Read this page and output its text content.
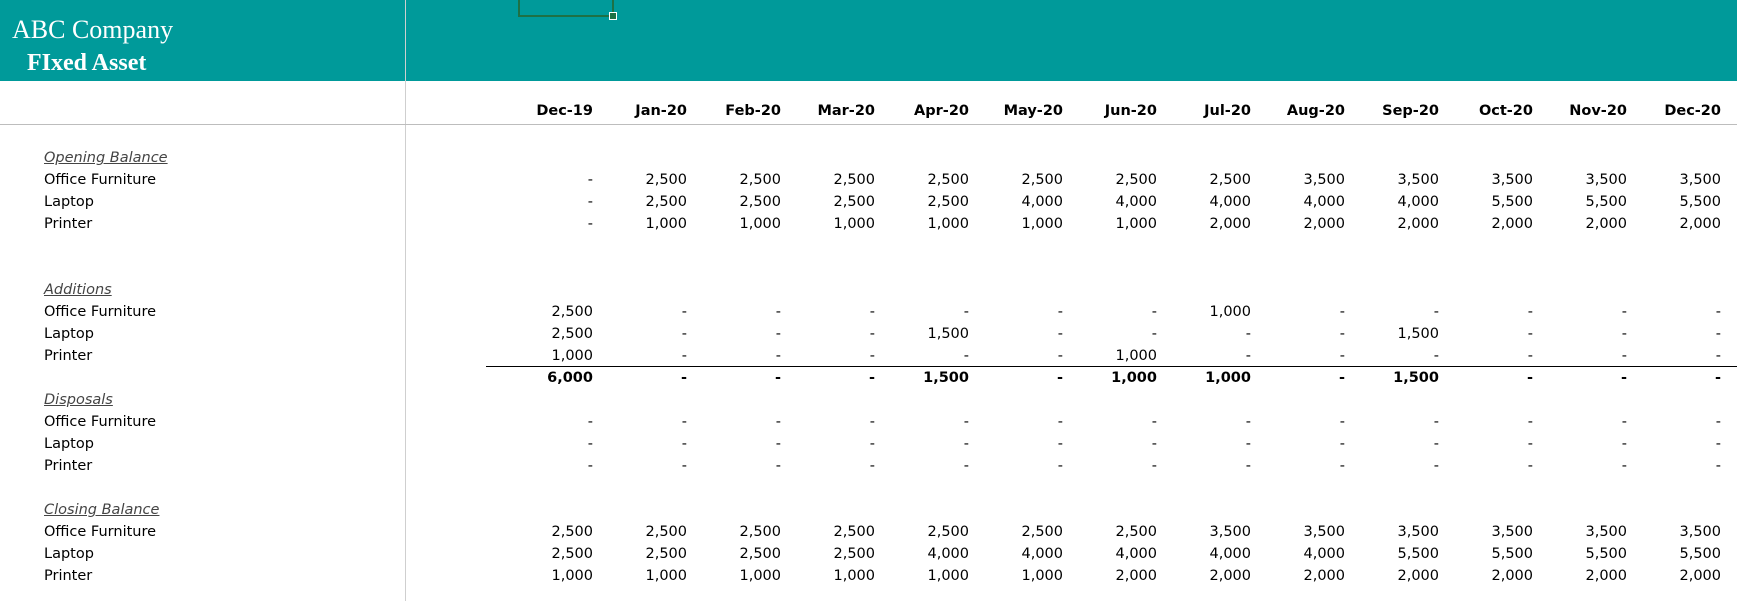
ABC Company
FIxed Asset
Dec-19	Jan-20	Feb-20	Mar-20	Apr-20	May-20	Jun-20	Jul-20	Aug-20	Sep-20	Oct-20	Nov-20	Dec-20
Opening Balance
Office Furniture	-	2,500	2,500	2,500	2,500	2,500	2,500	2,500	3,500	3,500	3,500	3,500	3,500
Laptop	-	2,500	2,500	2,500	2,500	4,000	4,000	4,000	4,000	4,000	5,500	5,500	5,500
Printer	-	1,000	1,000	1,000	1,000	1,000	1,000	2,000	2,000	2,000	2,000	2,000	2,000
Additions
Office Furniture	2,500	-	-	-	-	-	-	1,000	-	-	-	-	-
Laptop	2,500	-	-	-	1,500	-	-	-	-	1,500	-	-	-
Printer	1,000	-	-	-	-	-	1,000	-	-	-	-	-	-
6,000	-	-	-	1,500	-	1,000	1,000	-	1,500	-	-	-
Disposals
Office Furniture	-	-	-	-	-	-	-	-	-	-	-	-	-
Laptop	-	-	-	-	-	-	-	-	-	-	-	-	-
Printer	-	-	-	-	-	-	-	-	-	-	-	-	-
Closing Balance
Office Furniture	2,500	2,500	2,500	2,500	2,500	2,500	2,500	3,500	3,500	3,500	3,500	3,500	3,500
Laptop	2,500	2,500	2,500	2,500	4,000	4,000	4,000	4,000	4,000	5,500	5,500	5,500	5,500
Printer	1,000	1,000	1,000	1,000	1,000	1,000	2,000	2,000	2,000	2,000	2,000	2,000	2,000
